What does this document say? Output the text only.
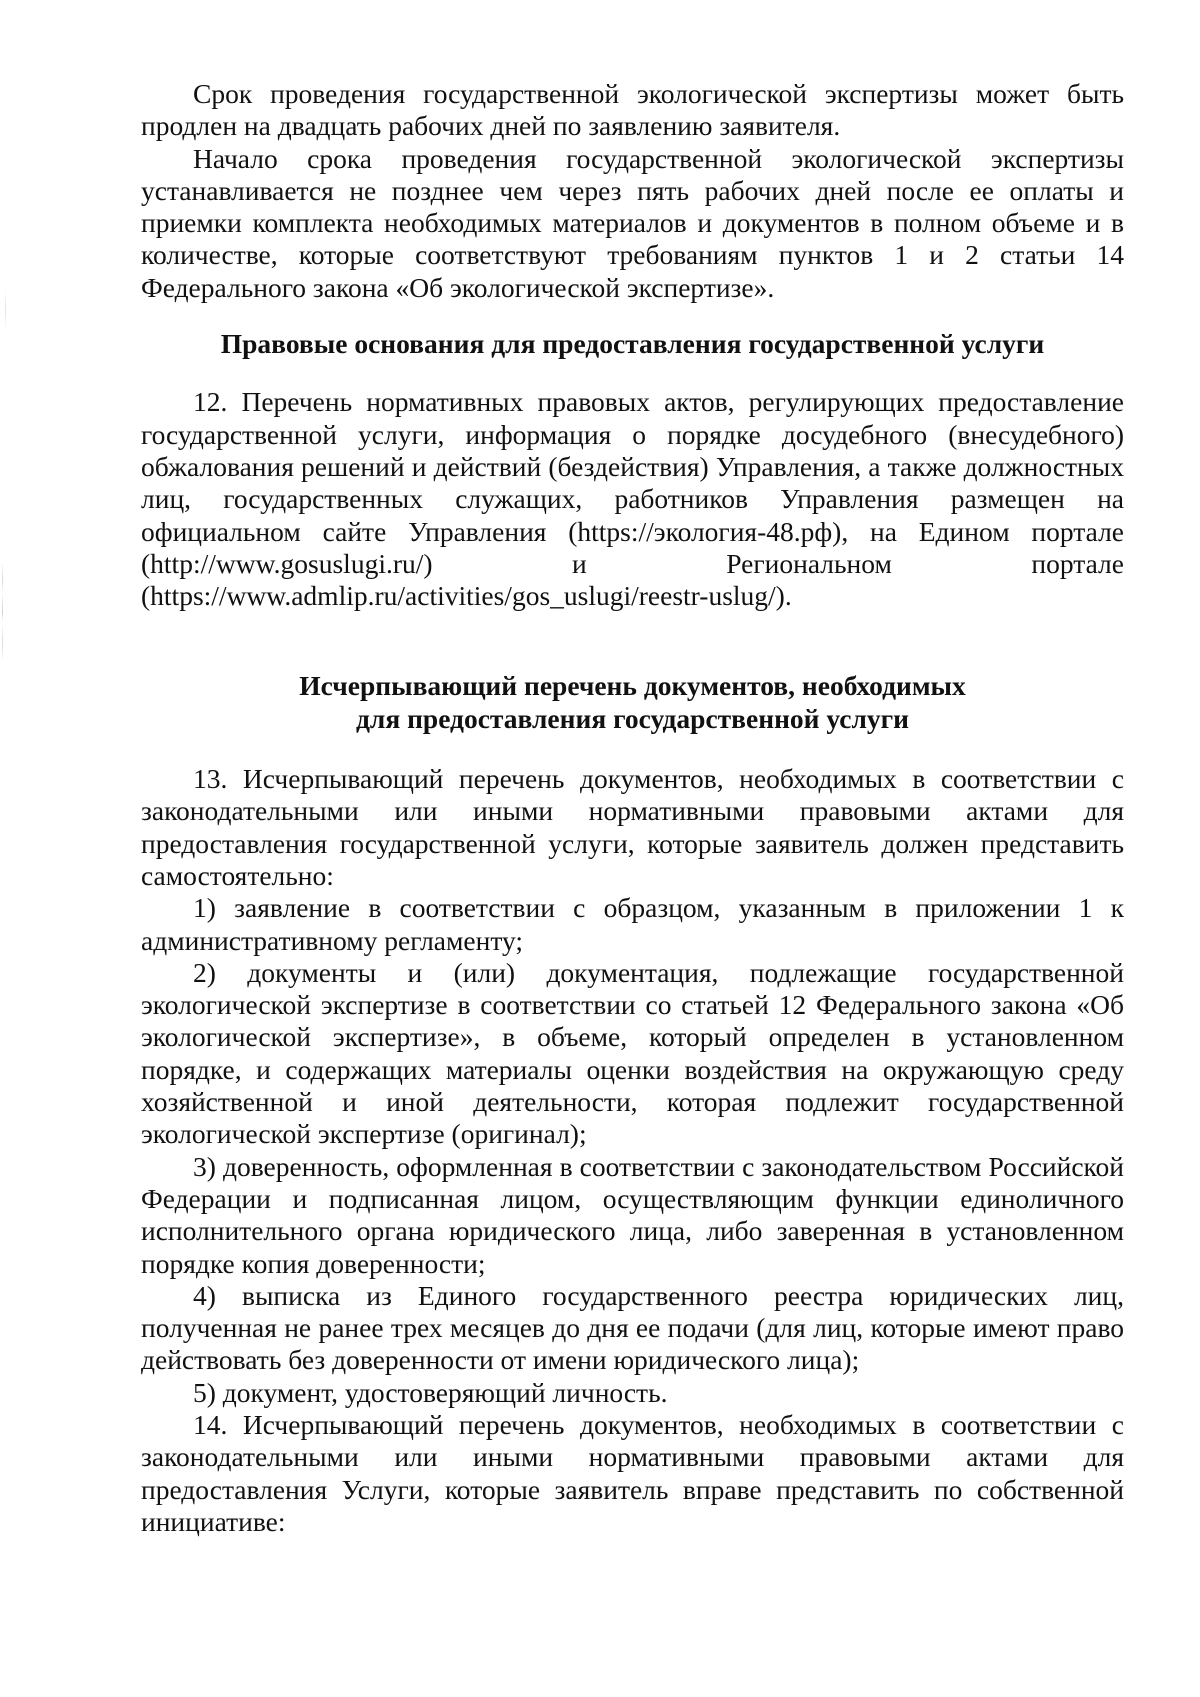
Срок проведения государственной экологической экспертизы может быть продлен на двадцать рабочих дней по заявлению заявителя.

Начало срока проведения государственной экологической экспертизы устанавливается не позднее чем через пять рабочих дней после ее оплаты и приемки комплекта необходимых материалов и документов в полном объеме и в количестве, которые соответствуют требованиям пунктов 1 и 2 статьи 14 Федерального закона «Об экологической экспертизе».

Правовые основания для предоставления государственной услуги

12. Перечень нормативных правовых актов, регулирующих предоставление государственной услуги, информация о порядке досудебного (внесудебного) обжалования решений и действий (бездействия) Управления, а также должностных лиц, государственных служащих, работников Управления размещен на официальном сайте Управления (https://экология-48.рф), на Едином портале (http://www.gosuslugi.ru/) и Региональном портале (https://www.admlip.ru/activities/gos_uslugi/reestr-uslug/).

Исчерпывающий перечень документов, необходимых
для предоставления государственной услуги

13. Исчерпывающий перечень документов, необходимых в соответствии с законодательными или иными нормативными правовыми актами для предоставления государственной услуги, которые заявитель должен представить самостоятельно:

1) заявление в соответствии с образцом, указанным в приложении 1 к административному регламенту;

2) документы и (или) документация, подлежащие государственной экологической экспертизе в соответствии со статьей 12 Федерального закона «Об экологической экспертизе», в объеме, который определен в установленном порядке, и содержащих материалы оценки воздействия на окружающую среду хозяйственной и иной деятельности, которая подлежит государственной экологической экспертизе (оригинал);

3) доверенность, оформленная в соответствии с законодательством Российской Федерации и подписанная лицом, осуществляющим функции единоличного исполнительного органа юридического лица, либо заверенная в установленном порядке копия доверенности;

4) выписка из Единого государственного реестра юридических лиц, полученная не ранее трех месяцев до дня ее подачи (для лиц, которые имеют право действовать без доверенности от имени юридического лица);

5) документ, удостоверяющий личность.

14. Исчерпывающий перечень документов, необходимых в соответствии с законодательными или иными нормативными правовыми актами для предоставления Услуги, которые заявитель вправе представить по собственной инициативе:
